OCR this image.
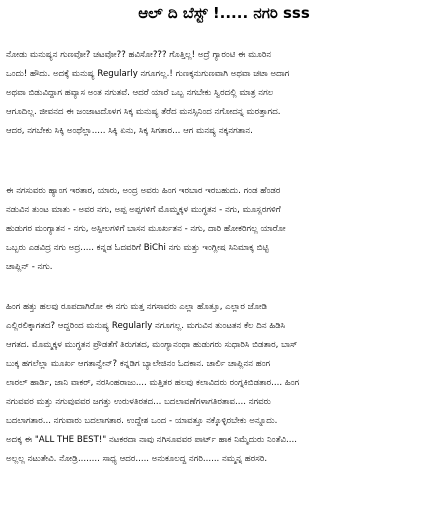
ಆಲ್ ದಿ ಬೆಸ್ಟ್ !..... ನಗರಿ sss
ನೋಡು ಮನುಷ್ಯನ ಗುಣವೋ? ಚಟವೋ?? ಹವಿಸೋ??? ಗೊತ್ತಿಲ್ಲ! ಅದ್ರೆ ಗ್ಯಾರಂಟಿ ಈ ಮೂರಿನ
ಒಂದು! ಹೌದು. ಅದಕ್ಕೆ ಮನುಷ್ಯ Regularly ನಗೂಗಲ್ಲ.! ಗುಣಕ್ಕನುಗುಣವಾಗಿ ಅಥವಾ ಚಟಾ ಅದಾಗ
ಅಥವಾ ಬಿಡುವಿದ್ದಾಗ ಹವ್ಯಾಸ ಅಂತ ನಗುತವೆ. ಆದರೆ ಯಾರೆ ಒಬ್ಬ ನಗಬೇಕು ಸ್ವಿರದಲ್ಲಿ ಮಾತ್ರ ನಗಲ
ಆಗೂದಿಲ್ಲ. ಜೀವನದ ಈ ಜಂಜಾಟದೊಳಗ ಸಿಕ್ಕ ಮನುಷ್ಯ ತೆರೆದ ಮನಸ್ಸಿನಿಂದ ನಗೋದನ್ನ ಮರತ್ತಾಗದ.
ಆದರ, ನಗಬೇಕು ಸಿಕ್ಕಿ ಅಂಥೆಲ್ಲಾ..... ಸಿಕ್ಕಿ ಏನು, ಸಿಕ್ಕ ಸಿಗತಾರ... ಆಗ ಮನಷ್ಯ ನಕ್ಕನಗತಾನ.
ಈ ನಗಸುವರು ಹ್ಯಾಂಗ ಇರತಾರ, ಯಾರು, ಅಂದ್ರ ಅವರು ಹಿಂಗ ಇರಬಾರ ಇರಬಹುದು. ಗಂಡ ಹೆಂಡರ
ನಡುವಿನ ತುಂಟ ಮಾತು - ಅವರ ನಗು, ಅಪ್ಪ ಅಪ್ಪಗಳಿಗೆ ಮೊಮ್ಮಕ್ಕಳ ಮುಗ್ಧತನ - ನಗು, ಮೂಸ್ಲರಗಳಿಗೆ
ಹುಡುಗರ ಮಂಗ್ಯಾತನ - ನಗು, ಅಸ್ಪೀಲಗಳಿಗೆ ಬಾಸನ ಮೂರ್ಖತನ - ನಗು, ದಾರಿ ಹೋಕರಿಗಲ್ಲ ಯಾರೋ
ಒಬ್ಬರು ಎಡವಿದ್ರ ನಗು ಅದ್ರ..... ಕನ್ನಡ ಓದವರಿಗೆ BiChi ನಗು ಮತ್ತು ಇಂಗ್ಲೀಷ ಸಿನಿಮಾಕ್ಕ ಬಿಟ್ಟಿ
ಚಾಪ್ಲಿನ್ - ನಗು.
ಹಿಂಗ ಹತ್ತು ಹಲವು ರೂಪದಾಗಿರೋ ಈ ನಗು ಮತ್ತ ನಗಸಾವರು ಎಲ್ಲಾ ಹೊತ್ತೂ, ಎಲ್ಲಾರ ಜೋಡಿ
ಎಲ್ಲಿರಲಿಕ್ಕಾಗತದ? ಆದ್ದರಿಂದ ಮನುಷ್ಯ Regularly ನಗೂಗಲ್ಲ. ಮಗುವಿನ ತುಂಟತನ ಕೆಲ ದಿನ ಹಿಡಿಸಿ
ಆಗತದ. ಮೊಮ್ಮಕ್ಕಳ ಮುಗ್ಧತನ ಪ್ರೌಡತೆಗೆ ತಿರುಗತದ, ಮಂಗ್ಯಾನಂಥಾ ಹುಡುಗರು ಸುಧಾರಿಸಿ ಬಿಡತಾರ, ಬಾಸ್
ಬುಕ್ಕ ಹಗಲೆಲ್ಲಾ ಮೂರ್ಖ ಆಗತಾನ್ವೇನ್? ಕನ್ನಡಿಗ ಬ್ಯಾಲೇಜಿನಂ ಓದಕಾನ. ಚಾರ್ಲಿ ಚಾಪ್ಲಿನನ ಹಂಗ
ಲಾರಲ್ ಹಾರ್ಡಿ, ಜಾನಿ ವಾಕರ್, ನರಸಿಂಹರಾಜು.... ಮತ್ತಿತರ ಹಲವು ಕಲಾವಿದರು ರಂಗ್ನಕಿಬಿಡತಾರ.... ಹಿಂಗ
ನಗುವವರ ಮತ್ತು ನಗುವುವವರ ಜಗತ್ತು ಉರುಳತಿರತದ... ಬದಲಾವಣೆಗಳಾಗತಿರತಾವ.... ನಗವರು
ಬದಲಾಗತಾರ... ನಗುವಾರು ಬದಲಾಗತಾರ. ಉದ್ದೇಶ ಒಂದ - ಯಾವತ್ತೂ ನಕ್ಕೊಳ್ಳಿರಬೇಕು ಅನ್ನೂದು.
ಅದಕ್ಕ ಈ "ALL THE BEST!" ನಟಕರದಾ ನಾವು ನಗಿಸೂವವರ ಪಾರ್ಟ್ ಹಾಕ ನಿಮ್ಮೆದುರು ನಿಂತೆವಿ....
ಅಲ್ಲಲ್ಲ ನಟುತೇವಿ. ನೋಡ್ರಿ........ ಸಾಧ್ಯ ಆದರ..... ಅನುಕೂಲದ್ದ ನಗರಿ...... ನಮ್ಮನ್ನ ಹರಸರಿ.
